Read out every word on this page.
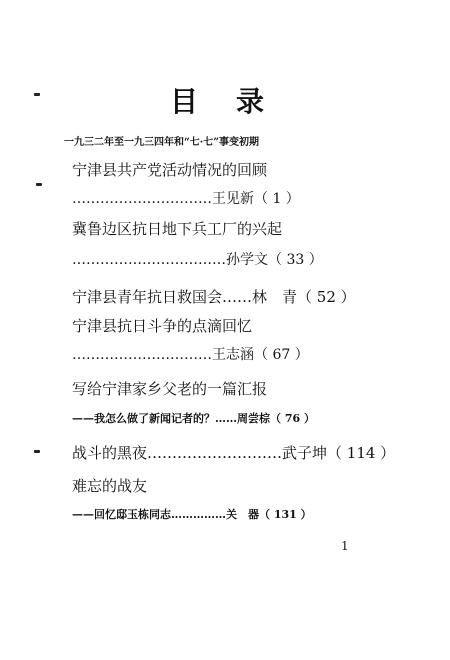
目录
一九三二年至一九三四年和“七·七”事变初期
宁津县共产党活动情况的回顾
…………………………王见新（ 1 ）
冀鲁边区抗日地下兵工厂的兴起
……………………………孙学文（ 33 ）
宁津县青年抗日救国会……林　青（ 52 ）
宁津县抗日斗争的点滴回忆
…………………………王志涵（ 67 ）
写给宁津家乡父老的一篇汇报
——我怎么做了新闻记者的？……周尝棕（ 76 ）
战斗的黑夜………………………武子坤（ 114 ）
难忘的战友
——回忆邸玉栋同志……………关　器（ 131 ）
1
